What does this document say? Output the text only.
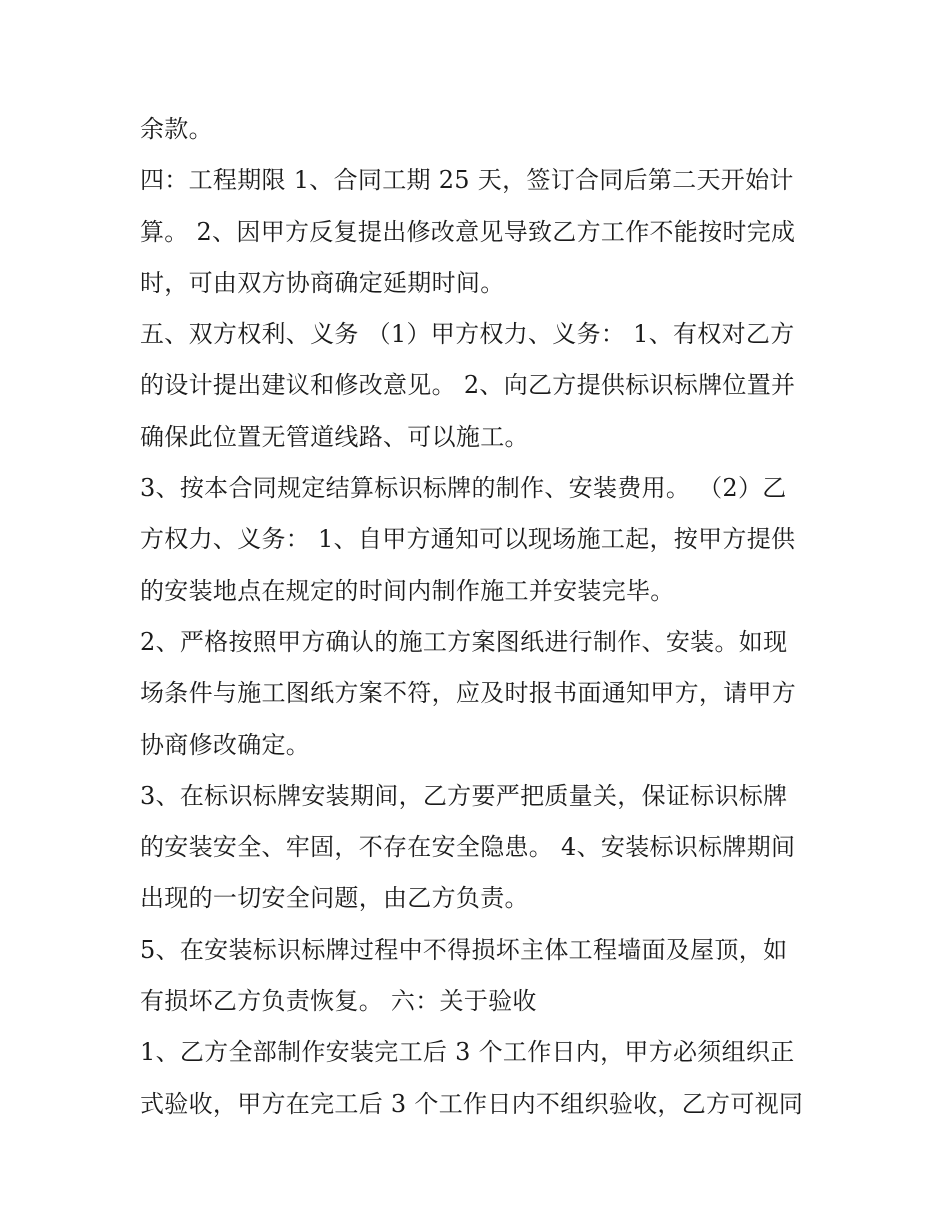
余款。
四：工程期限 1、合同工期 25 天，签订合同后第二天开始计
算。 2、因甲方反复提出修改意见导致乙方工作不能按时完成
时，可由双方协商确定延期时间。
五、双方权利、义务 （1）甲方权力、义务： 1、有权对乙方
的设计提出建议和修改意见。 2、向乙方提供标识标牌位置并
确保此位置无管道线路、可以施工。
3、按本合同规定结算标识标牌的制作、安装费用。 （2）乙
方权力、义务： 1、自甲方通知可以现场施工起，按甲方提供
的安装地点在规定的时间内制作施工并安装完毕。
2、严格按照甲方确认的施工方案图纸进行制作、安装。如现
场条件与施工图纸方案不符，应及时报书面通知甲方，请甲方
协商修改确定。
3、在标识标牌安装期间，乙方要严把质量关，保证标识标牌
的安装安全、牢固，不存在安全隐患。 4、安装标识标牌期间
出现的一切安全问题，由乙方负责。
5、在安装标识标牌过程中不得损坏主体工程墙面及屋顶，如
有损坏乙方负责恢复。 六：关于验收
1、乙方全部制作安装完工后 3 个工作日内，甲方必须组织正
式验收，甲方在完工后 3 个工作日内不组织验收，乙方可视同
